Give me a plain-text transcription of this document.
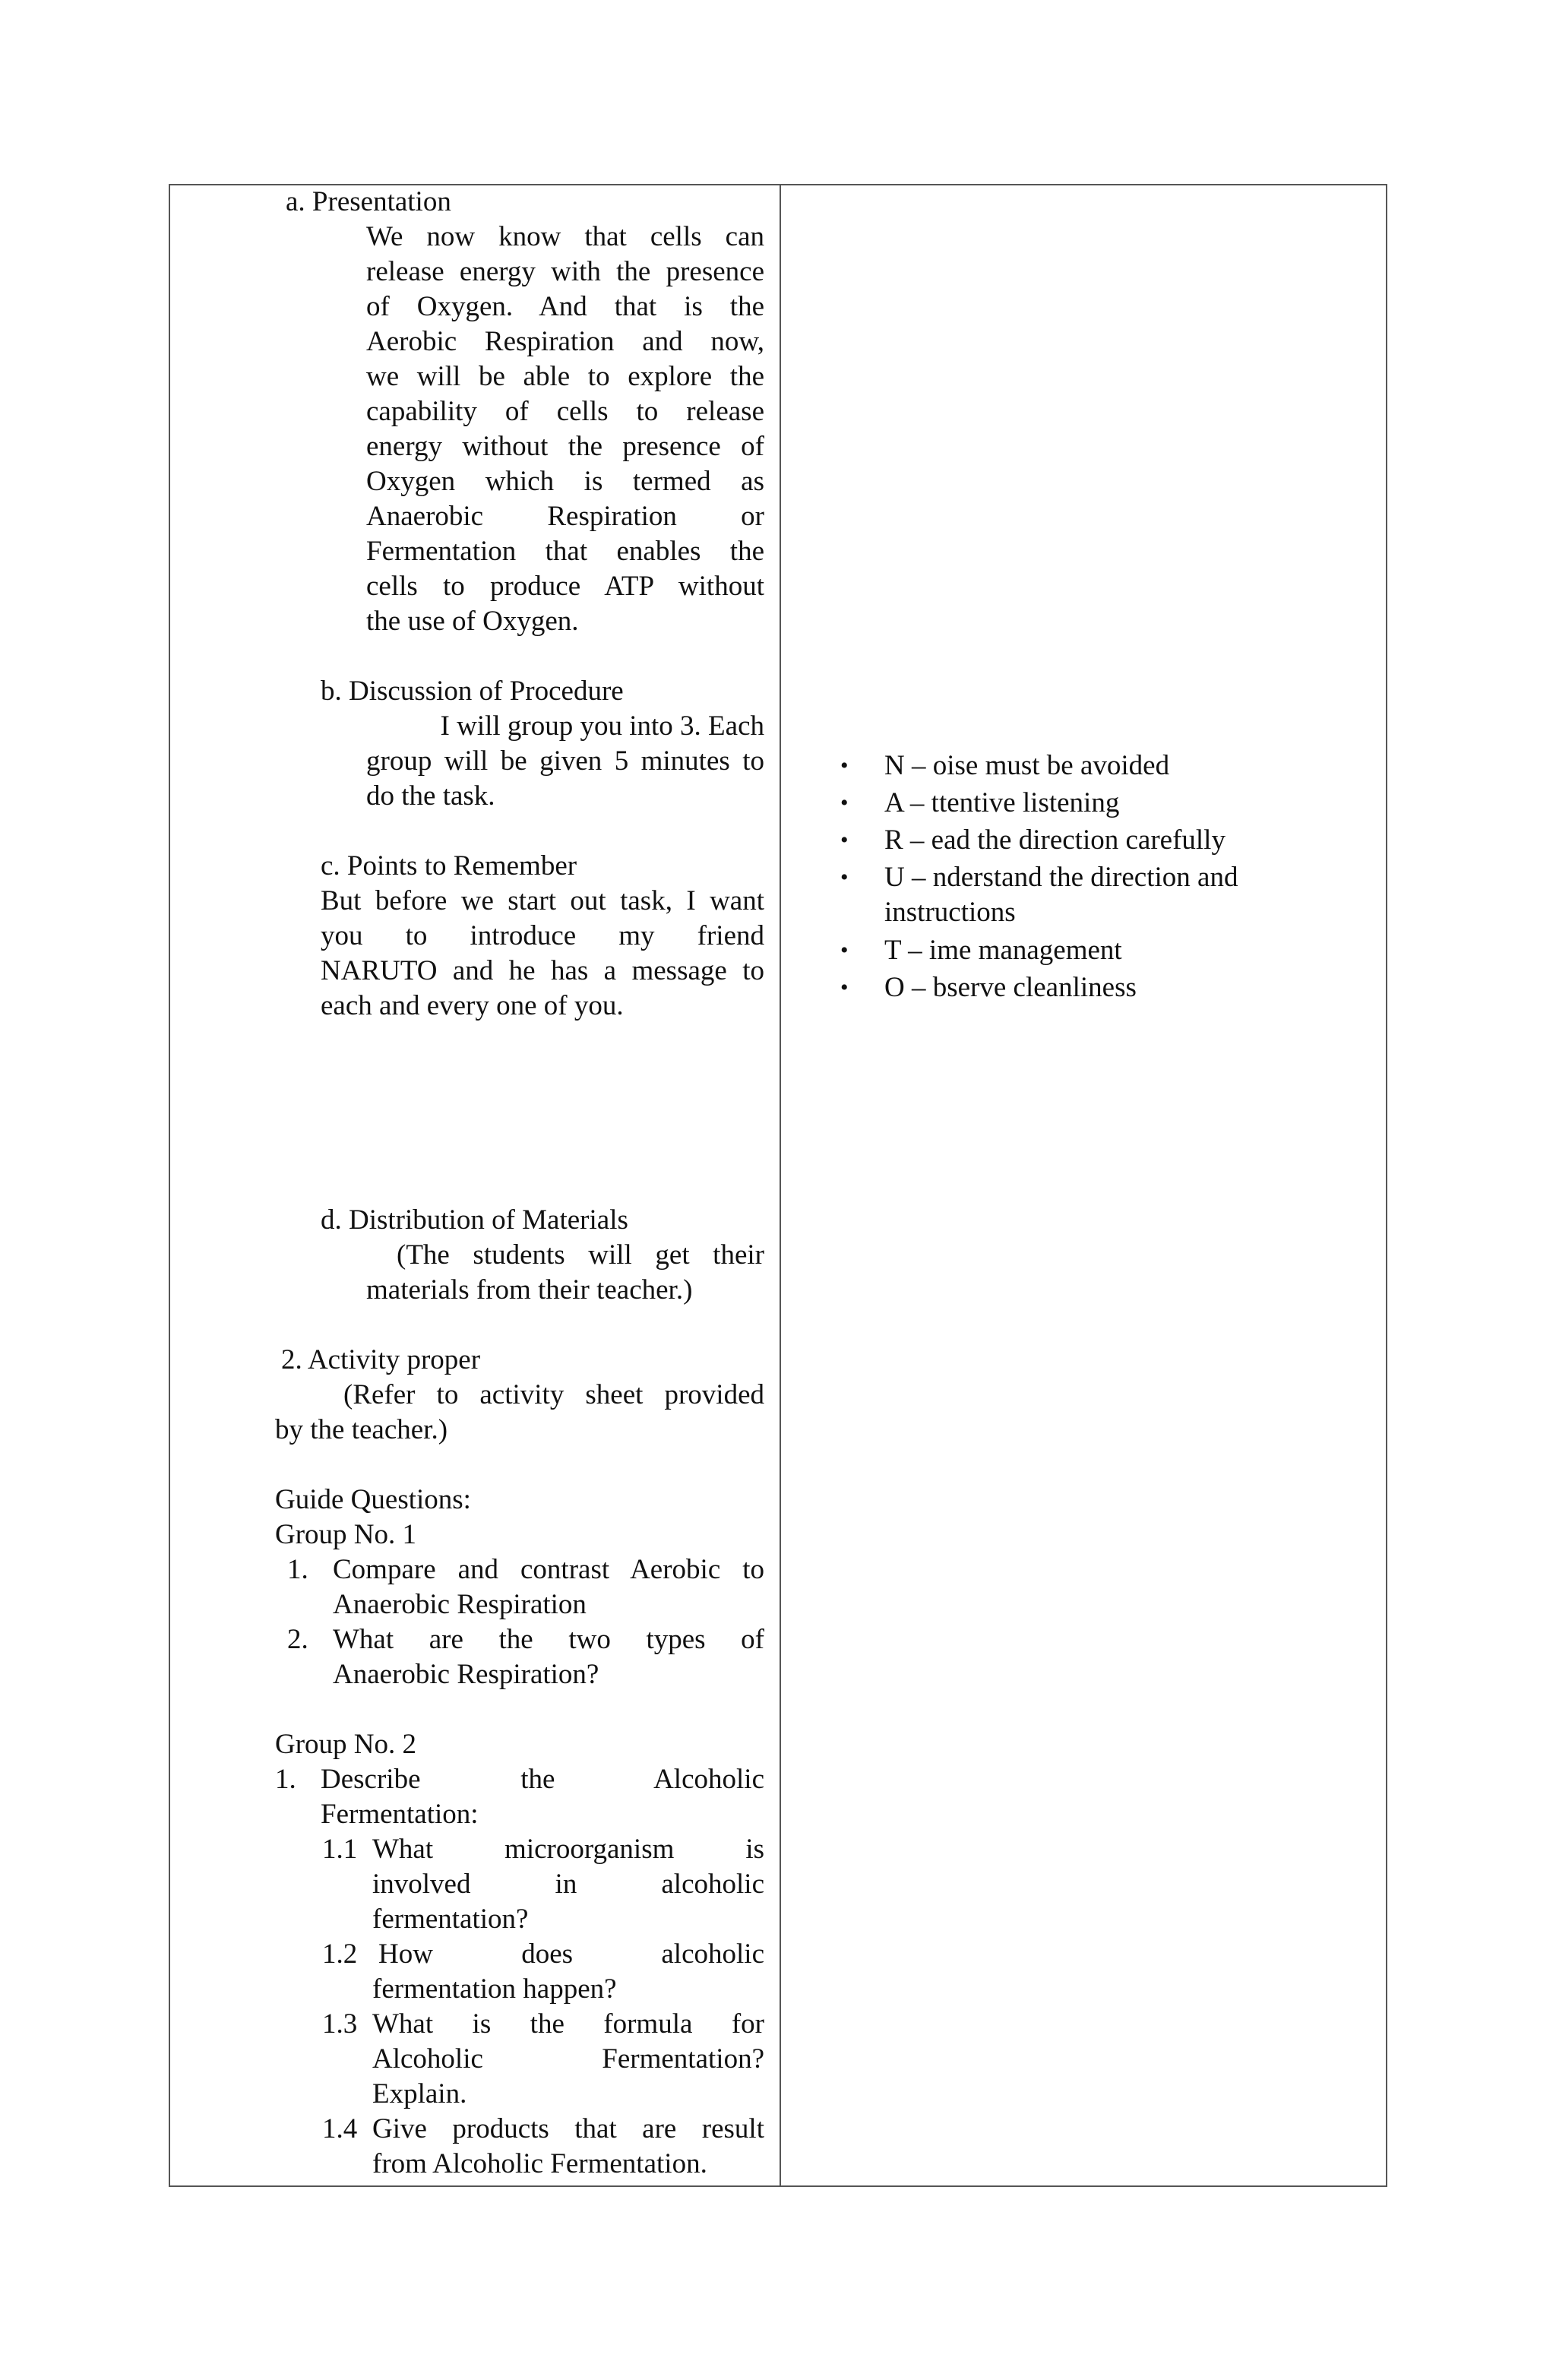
a. Presentation
We now know that cells can
release energy with the presence
of Oxygen. And that is the
Aerobic Respiration and now,
we will be able to explore the
capability of cells to release
energy without the presence of
Oxygen which is termed as
Anaerobic Respiration or
Fermentation that enables the
cells to produce ATP without
the use of Oxygen.
b. Discussion of Procedure
I will group you into 3. Each
group will be given 5 minutes to
do the task.
c. Points to Remember
But before we start out task, I want
you to introduce my friend
NARUTO and he has a message to
each and every one of you.
d. Distribution of Materials
(The students will get their
materials from their teacher.)
2. Activity proper
(Refer to activity sheet provided
by the teacher.)
Guide Questions:
Group No. 1
1. Compare and contrast Aerobic to
Anaerobic Respiration
2. What are the two types of
Anaerobic Respiration?
Group No. 2
1. Describe the Alcoholic
Fermentation:
1.1 What microorganism is
involved in alcoholic
fermentation?
1.2 How does alcoholic
fermentation happen?
1.3 What is the formula for
Alcoholic Fermentation?
Explain.
1.4 Give products that are result
from Alcoholic Fermentation.
• N – oise must be avoided
• A – ttentive listening
• R – ead the direction carefully
• U – nderstand the direction and
instructions
• T – ime management
• O – bserve cleanliness
